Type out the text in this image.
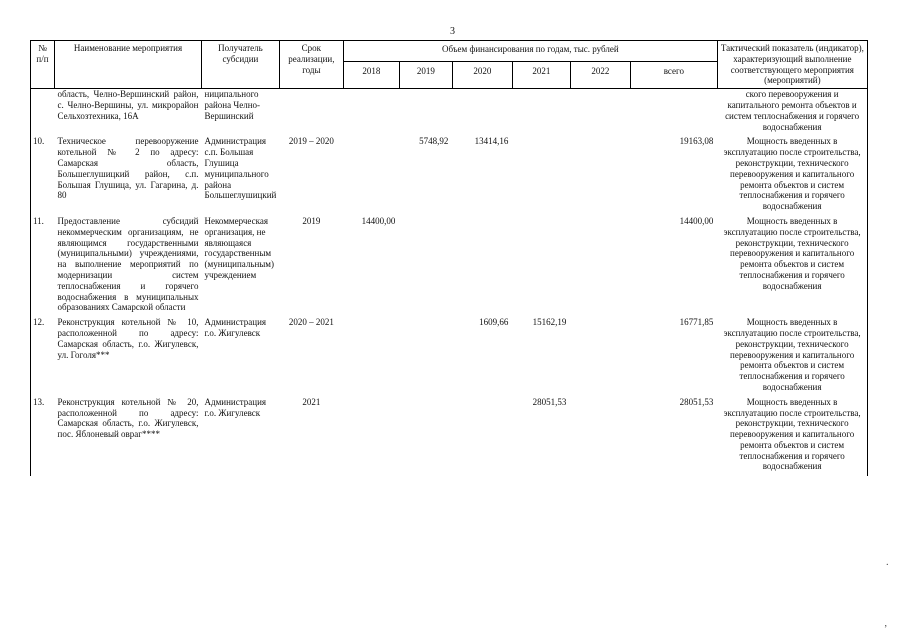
3
№ п/п	Наименование мероприятия	Получатель субсидии	Срок реализации, годы	Объем финансирования по годам, тыс. рублей						Тактический показатель (индикатор), характеризующий выполнение соответствующего мероприятия (мероприятий)
				2018	2019	2020	2021	2022	всего	
	область, Челно-Вершинский район, с. Челно-Вершины, ул. микрорайон Сельхозтехника, 16А	ниципального района Челно-Вершинский								ского перевооружения и капитального ремонта объектов и систем теплоснабжения и горячего водоснабжения
10.	Техническое перевооружение котельной № 2 по адресу: Самарская область, Большеглушицкий район, с.п. Большая Глушица, ул. Гагарина, д. 80	Администрация с.п. Большая Глушица муниципального района Большеглушицкий	2019 – 2020		5748,92	13414,16			19163,08	Мощность введенных в эксплуатацию после строительства, реконструкции, технического перевооружения и капитального ремонта объектов и систем теплоснабжения и горячего водоснабжения
11.	Предоставление субсидий некоммерческим организациям, не являющимся государственными (муниципальными) учреждениями, на выполнение мероприятий по модернизации систем теплоснабжения и горячего водоснабжения в муниципальных образованиях Самарской области	Некоммерческая организация, не являющаяся государственным (муниципальным) учреждением	2019	14400,00					14400,00	Мощность введенных в эксплуатацию после строительства, реконструкции, технического перевооружения и капитального ремонта объектов и систем теплоснабжения и горячего водоснабжения
12.	Реконструкция котельной № 10, расположенной по адресу: Самарская область, г.о. Жигулевск, ул. Гоголя***	Администрация г.о. Жигулевск	2020 – 2021			1609,66	15162,19		16771,85	Мощность введенных в эксплуатацию после строительства, реконструкции, технического перевооружения и капитального ремонта объектов и систем теплоснабжения и горячего водоснабжения
13.	Реконструкция котельной № 20, расположенной по адресу: Самарская область, г.о. Жигулевск, пос. Яблоневый овраг****	Администрация г.о. Жигулевск	2021				28051,53		28051,53	Мощность введенных в эксплуатацию после строительства, реконструкции, технического перевооружения и капитального ремонта объектов и систем теплоснабжения и горячего водоснабжения
·
,
